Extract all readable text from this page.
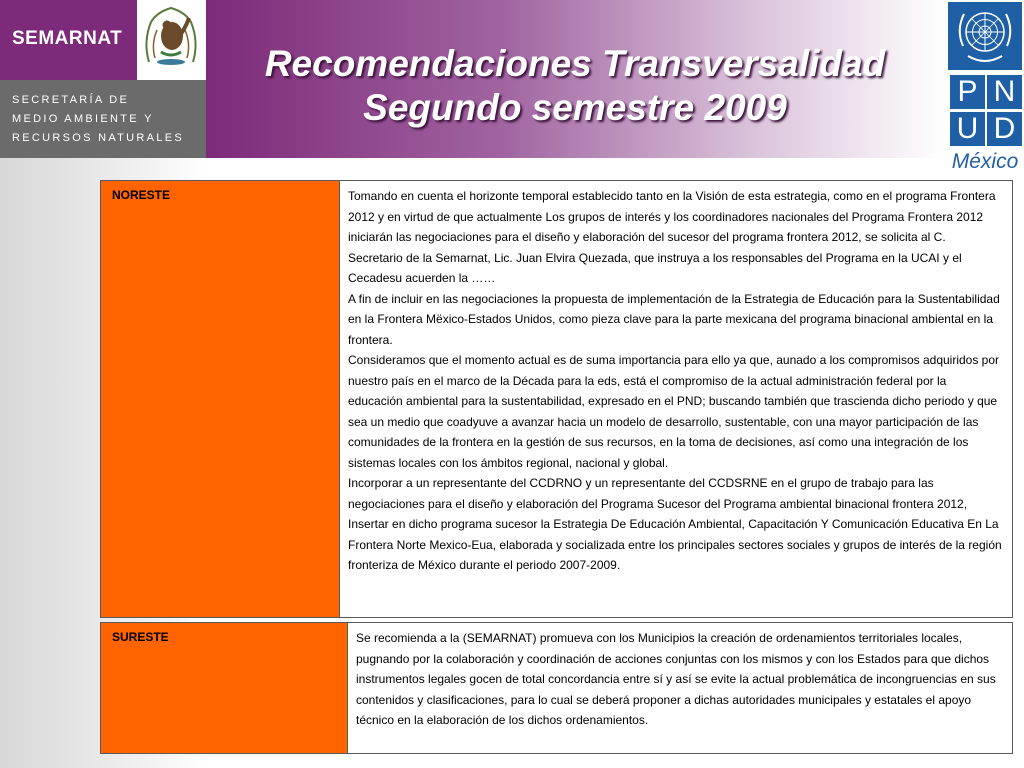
SEMARNAT
SECRETARÍA DE
MEDIO AMBIENTE Y
RECURSOS NATURALES
Recomendaciones Transversalidad
Segundo semestre 2009	P N
U D
México
NORESTE	Tomando en cuenta el horizonte temporal establecido tanto en la Visión de esta estrategia, como en el programa Frontera 2012 y en virtud de que actualmente Los grupos de interés y los coordinadores nacionales del Programa Frontera 2012 iniciarán las negociaciones para el diseño y elaboración del sucesor del programa frontera 2012, se solicita al C. Secretario de la Semarnat, Lic. Juan Elvira Quezada, que instruya a los responsables del Programa en la UCAI y el Cecadesu acuerden la ……

A fin de incluir en las negociaciones la propuesta de implementación de la Estrategia de Educación para la Sustentabilidad en la Frontera Mëxico-Estados Unidos, como pieza clave para la parte mexicana del programa binacional ambiental en la frontera.

Consideramos que el momento actual es de suma importancia para ello ya que, aunado a los compromisos adquiridos por nuestro país en el marco de la Década para la eds, está el compromiso de la actual administración federal por la educación ambiental para la sustentabilidad, expresado en el PND; buscando también que trascienda dicho periodo y que sea un medio que coadyuve a avanzar hacia un modelo de desarrollo, sustentable, con una mayor participación de las comunidades de la frontera en la gestión de sus recursos, en la toma de decisiones, así como una integración de los sistemas locales con los ámbitos regional, nacional y global.

Incorporar a un representante del CCDRNO y un representante del CCDSRNE en el grupo de trabajo para las negociaciones para el diseño y elaboración del Programa Sucesor del Programa ambiental binacional frontera 2012,

Insertar en dicho programa sucesor la Estrategia De Educación Ambiental, Capacitación Y Comunicación Educativa En La Frontera Norte Mexico-Eua, elaborada y socializada entre los principales sectores sociales y grupos de interés de la región fronteriza de México durante el periodo 2007-2009.

SURESTE	Se recomienda a la (SEMARNAT) promueva con los Municipios la creación de ordenamientos territoriales locales, pugnando por la colaboración y coordinación de acciones conjuntas con los mismos y con los Estados para que dichos instrumentos legales gocen de total concordancia entre sí y así se evite la actual problemática de incongruencias en sus contenidos y clasificaciones, para lo cual se deberá proponer a dichas autoridades municipales y estatales el apoyo técnico en la elaboración de los dichos ordenamientos.
